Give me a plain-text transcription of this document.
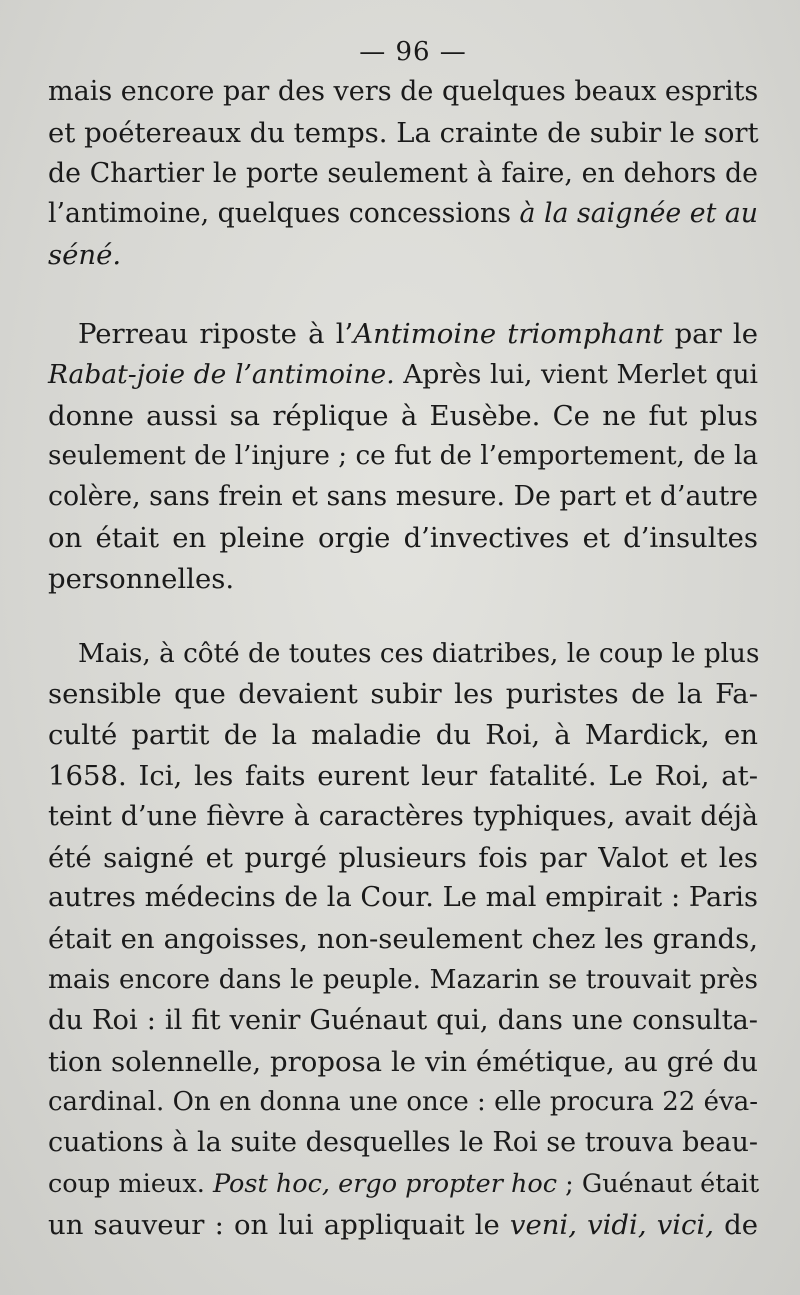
— 96 —
mais encore par des vers de quelques beaux esprits
et poétereaux du temps. La crainte de subir le sort
de Chartier le porte seulement à faire, en dehors de
l’antimoine, quelques concessions à la saignée et au
séné.
Perreau riposte à l’Antimoine triomphant par le
Rabat-joie de l’antimoine. Après lui, vient Merlet qui
donne aussi sa réplique à Eusèbe. Ce ne fut plus
seulement de l’injure ; ce fut de l’emportement, de la
colère, sans frein et sans mesure. De part et d’autre
on était en pleine orgie d’invectives et d’insultes
personnelles.
Mais, à côté de toutes ces diatribes, le coup le plus
sensible que devaient subir les puristes de la Fa-
culté partit de la maladie du Roi, à Mardick, en
1658. Ici, les faits eurent leur fatalité. Le Roi, at-
teint d’une fièvre à caractères typhiques, avait déjà
été saigné et purgé plusieurs fois par Valot et les
autres médecins de la Cour. Le mal empirait : Paris
était en angoisses, non-seulement chez les grands,
mais encore dans le peuple. Mazarin se trouvait près
du Roi : il fit venir Guénaut qui, dans une consulta-
tion solennelle, proposa le vin émétique, au gré du
cardinal. On en donna une once : elle procura 22 éva-
cuations à la suite desquelles le Roi se trouva beau-
coup mieux. Post hoc, ergo propter hoc ; Guénaut était
un sauveur : on lui appliquait le veni, vidi, vici, de
